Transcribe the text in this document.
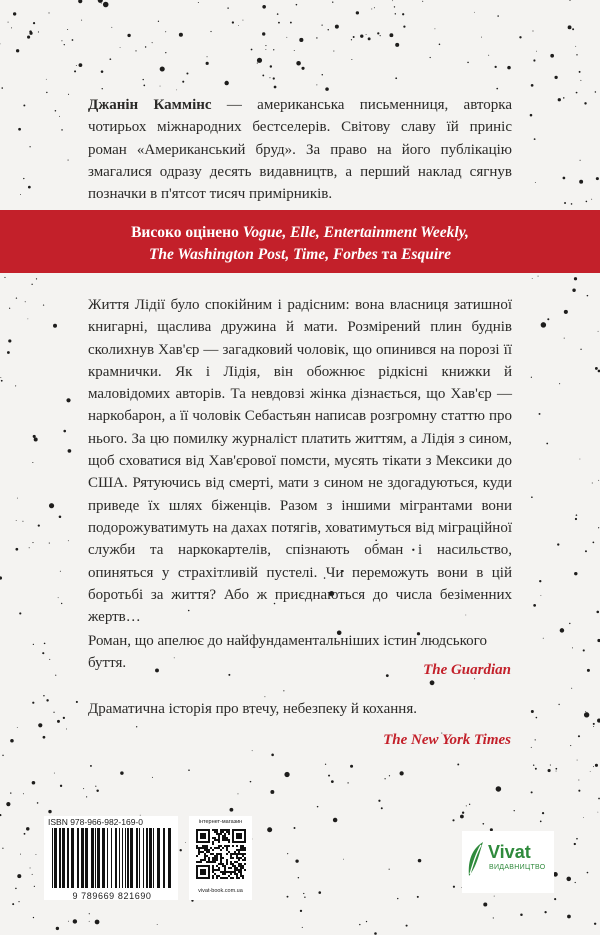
Джанін Каммінс — американська письменниця, авторка чотирьох міжнародних бестселерів. Світову славу їй приніс роман «Американський бруд». За право на його публікацію змагалися одразу десять видавництв, а перший наклад сягнув позначки в п'ятсот тисяч примірників.

Високо оцінено Vogue, Elle, Entertainment Weekly,
The Washington Post, Time, Forbes та Esquire

Життя Лідії було спокійним і радісним: вона власниця затишної книгарні, щаслива дружина й мати. Розмірений плин буднів сколихнув Хав'єр — загадковий чоловік, що опинився на порозі її крамнички. Як і Лідія, він обожнює рідкісні книжки й маловідомих авторів. Та невдовзі жінка дізнається, що Хав'єр — наркобарон, а її чоловік Себастьян написав розгромну статтю про нього. За цю помилку журналіст платить життям, а Лідія з сином, щоб сховатися від Хав'єрової помсти, мусять тікати з Мексики до США. Рятуючись від смерті, мати з сином не здогадуються, куди приведе їх шлях біженців. Разом з іншими мігрантами вони подорожуватимуть на дахах потягів, ховатимуться від міграційної служби та наркокартелів, спізнають обман і насильство, опиняться у страхітливій пустелі. Чи переможуть вони в цій боротьбі за життя? Або ж приєднаються до числа безіменних жертв…

Роман, що апелює до найфундаментальніших істин людського буття.	The Guardian

Драматична історія про втечу, небезпеку й кохання.

The New York Times

ISBN 978-966-982-169-0

9 789669 821690

інтернет-магазин

vivat-book.com.ua

Vivat

ВИДАВНИЦТВО
